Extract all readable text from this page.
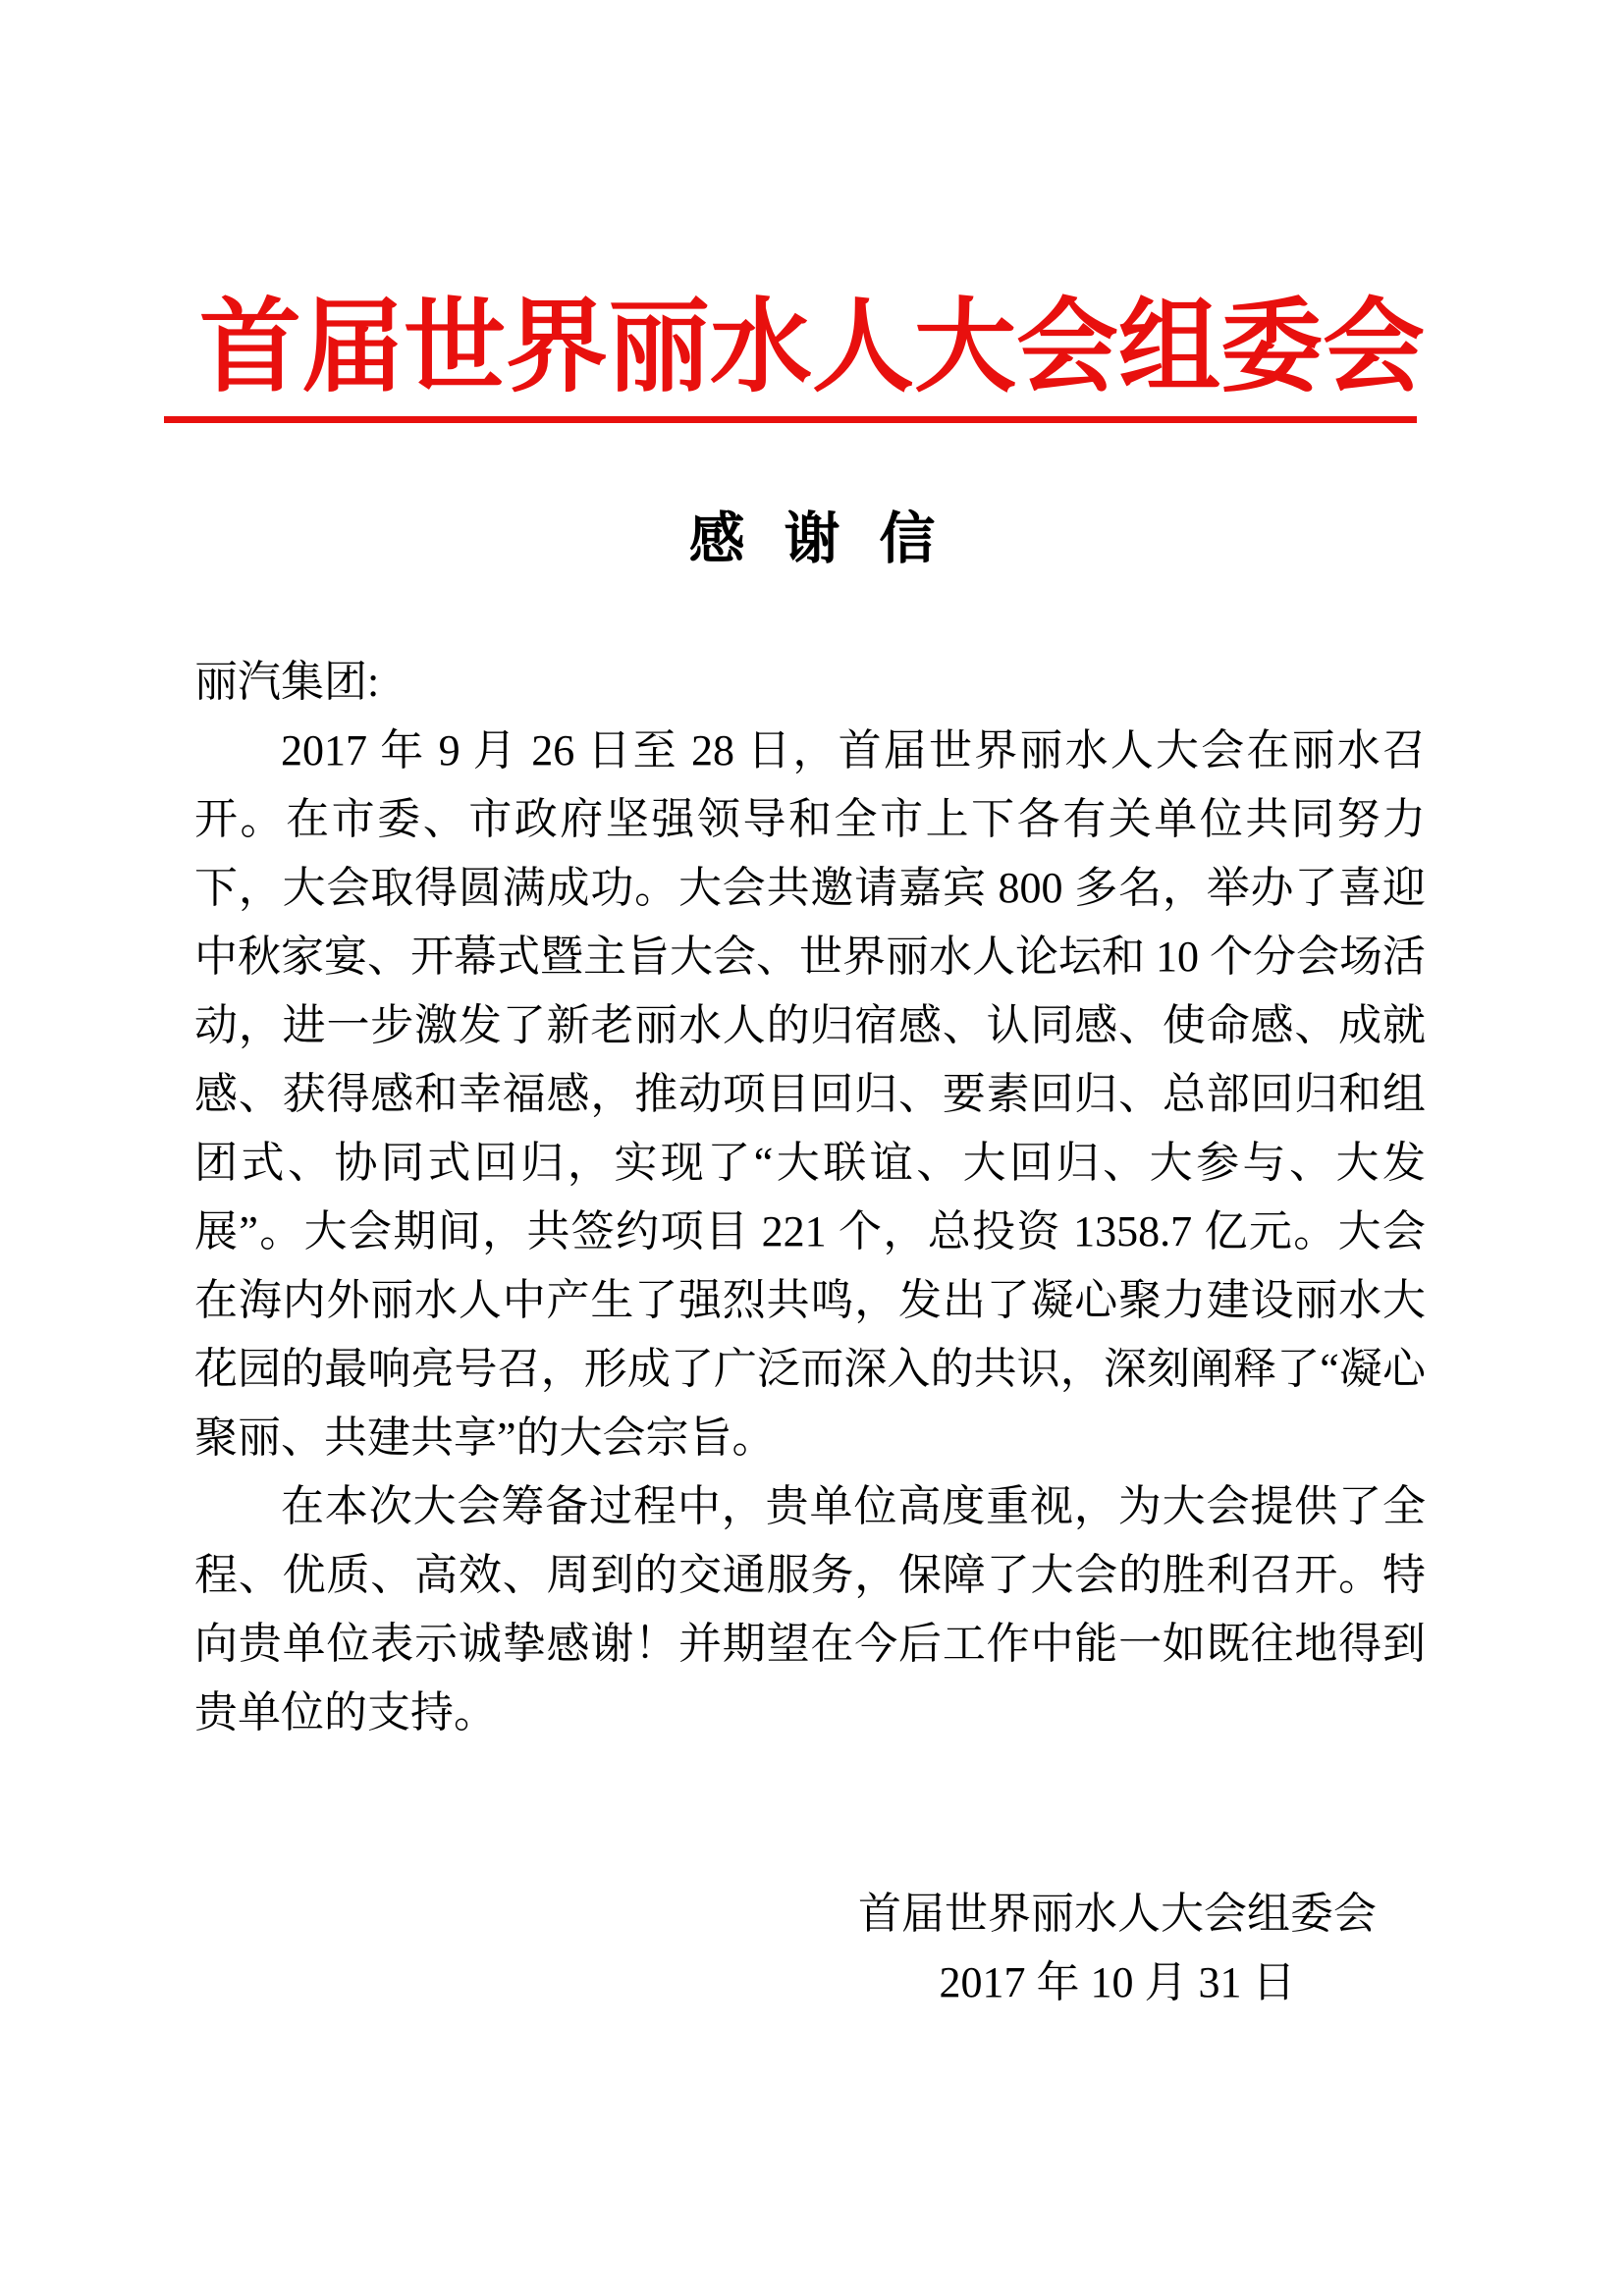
首届世界丽水人大会组委会
感 谢 信

丽汽集团:

2017 年 9 月 26 日至 28 日，首届世界丽水人大会在丽水召开。在市委、市政府坚强领导和全市上下各有关单位共同努力下，大会取得圆满成功。大会共邀请嘉宾 800 多名，举办了喜迎中秋家宴、开幕式暨主旨大会、世界丽水人论坛和 10 个分会场活动，进一步激发了新老丽水人的归宿感、认同感、使命感、成就感、获得感和幸福感，推动项目回归、要素回归、总部回归和组团式、协同式回归，实现了“大联谊、大回归、大参与、大发展”。大会期间，共签约项目 221 个，总投资 1358.7 亿元。大会在海内外丽水人中产生了强烈共鸣，发出了凝心聚力建设丽水大花园的最响亮号召，形成了广泛而深入的共识，深刻阐释了“凝心聚丽、共建共享”的大会宗旨。

在本次大会筹备过程中，贵单位高度重视，为大会提供了全程、优质、高效、周到的交通服务，保障了大会的胜利召开。特向贵单位表示诚挚感谢！并期望在今后工作中能一如既往地得到贵单位的支持。

首届世界丽水人大会组委会
2017 年 10 月 31 日
